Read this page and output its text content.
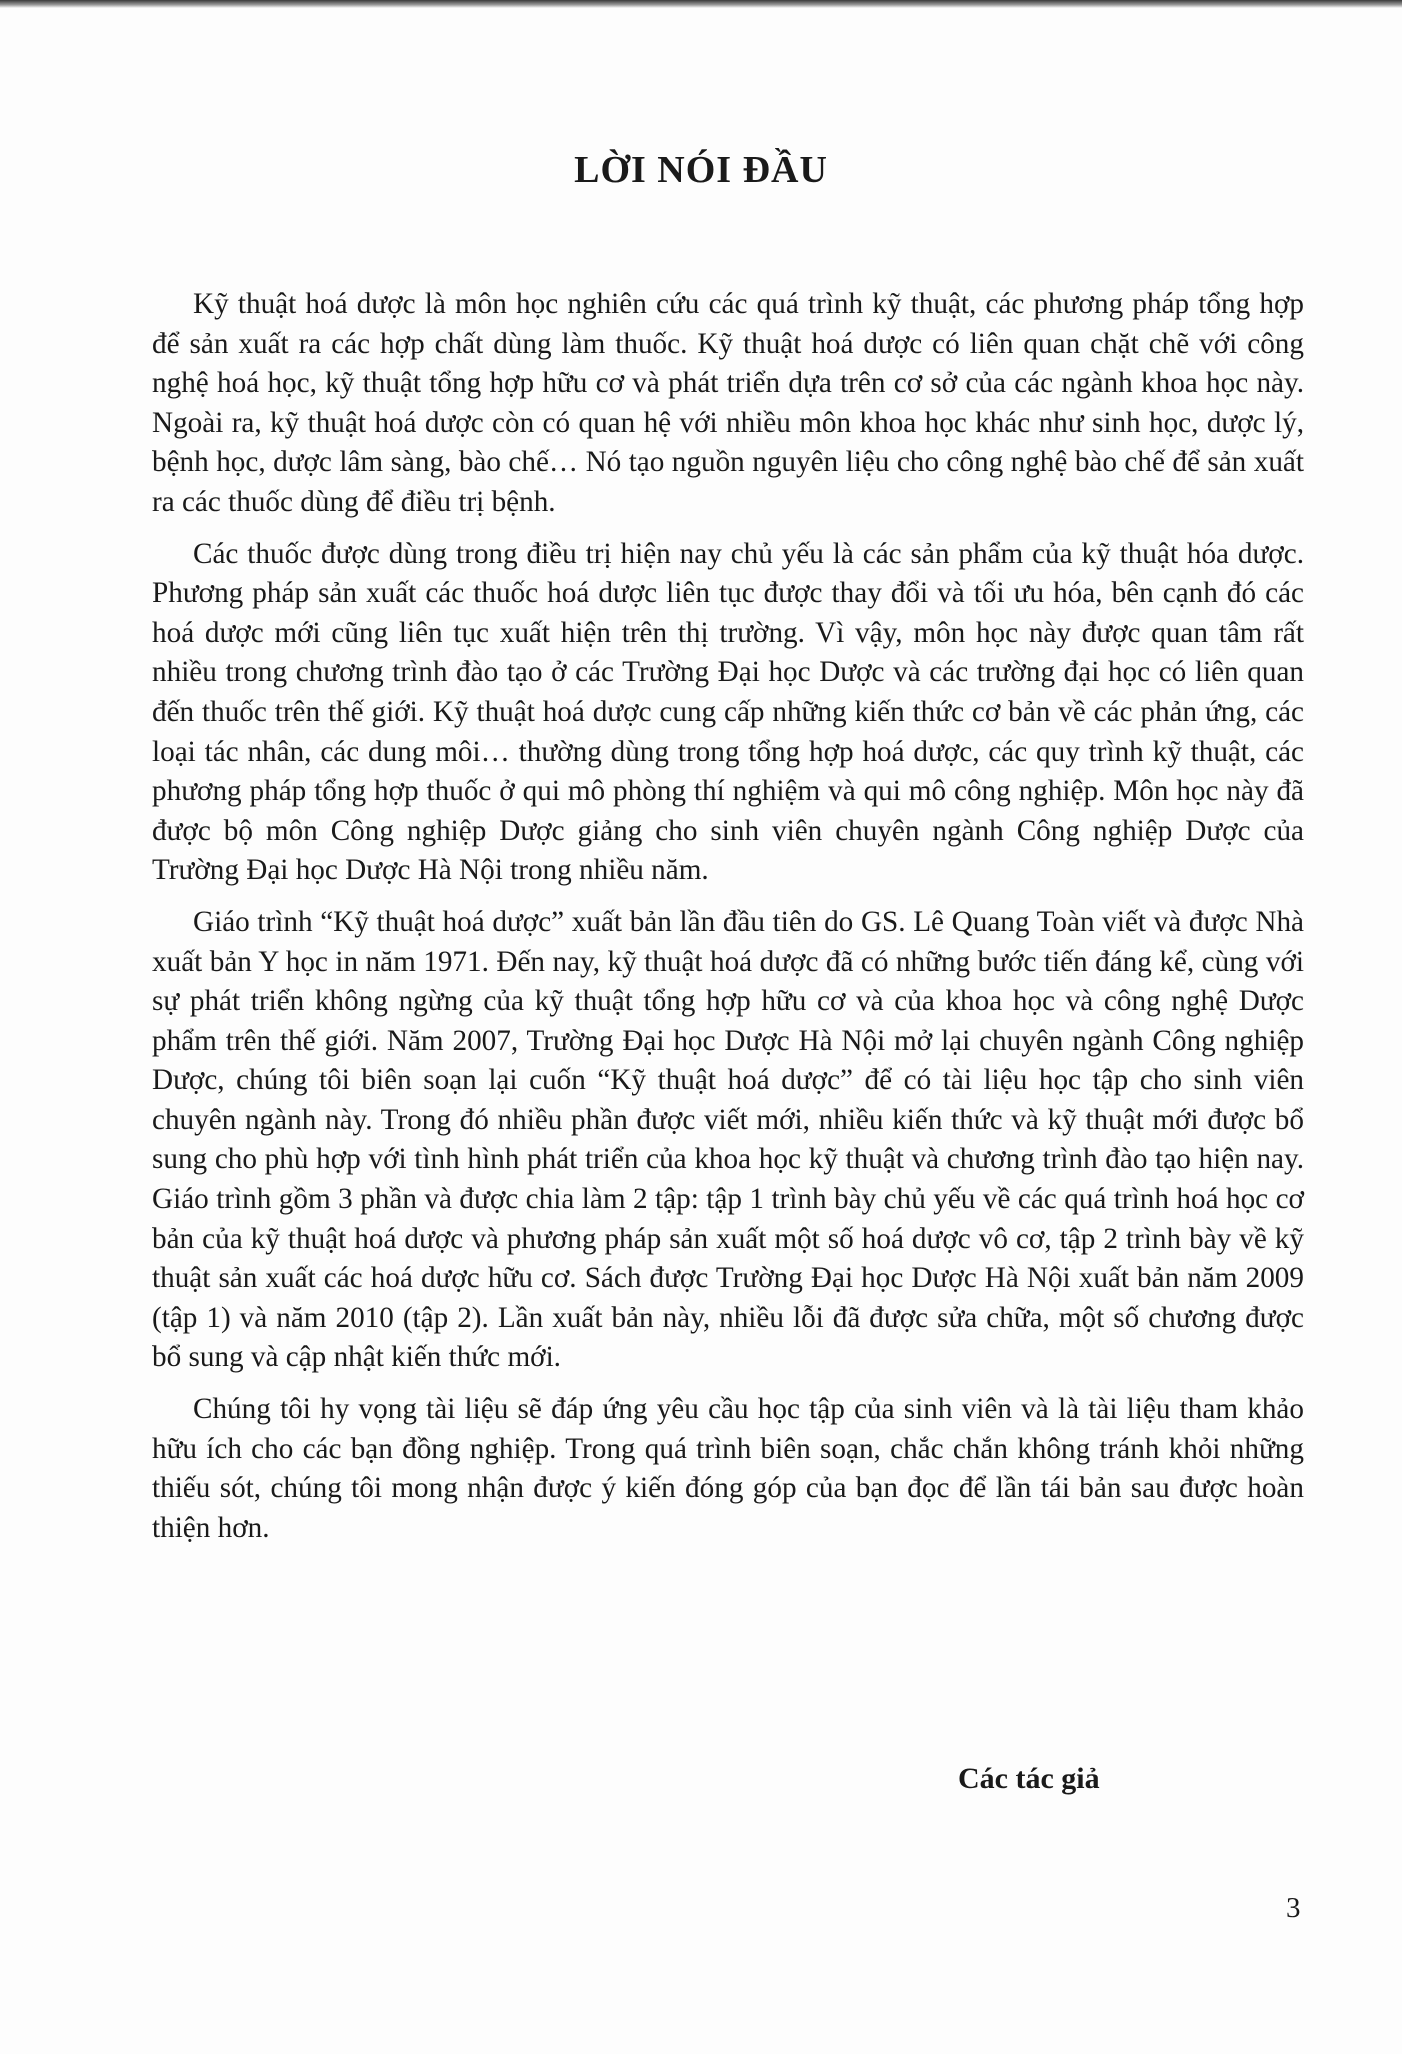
LỜI NÓI ĐẦU

Kỹ thuật hoá dược là môn học nghiên cứu các quá trình kỹ thuật, các phương pháp tổng hợp để sản xuất ra các hợp chất dùng làm thuốc. Kỹ thuật hoá dược có liên quan chặt chẽ với công nghệ hoá học, kỹ thuật tổng hợp hữu cơ và phát triển dựa trên cơ sở của các ngành khoa học này. Ngoài ra, kỹ thuật hoá dược còn có quan hệ với nhiều môn khoa học khác như sinh học, dược lý, bệnh học, dược lâm sàng, bào chế… Nó tạo nguồn nguyên liệu cho công nghệ bào chế để sản xuất ra các thuốc dùng để điều trị bệnh.

Các thuốc được dùng trong điều trị hiện nay chủ yếu là các sản phẩm của kỹ thuật hóa dược. Phương pháp sản xuất các thuốc hoá dược liên tục được thay đổi và tối ưu hóa, bên cạnh đó các hoá dược mới cũng liên tục xuất hiện trên thị trường. Vì vậy, môn học này được quan tâm rất nhiều trong chương trình đào tạo ở các Trường Đại học Dược và các trường đại học có liên quan đến thuốc trên thế giới. Kỹ thuật hoá dược cung cấp những kiến thức cơ bản về các phản ứng, các loại tác nhân, các dung môi… thường dùng trong tổng hợp hoá dược, các quy trình kỹ thuật, các phương pháp tổng hợp thuốc ở qui mô phòng thí nghiệm và qui mô công nghiệp. Môn học này đã được bộ môn Công nghiệp Dược giảng cho sinh viên chuyên ngành Công nghiệp Dược của Trường Đại học Dược Hà Nội trong nhiều năm.

Giáo trình “Kỹ thuật hoá dược” xuất bản lần đầu tiên do GS. Lê Quang Toàn viết và được Nhà xuất bản Y học in năm 1971. Đến nay, kỹ thuật hoá dược đã có những bước tiến đáng kể, cùng với sự phát triển không ngừng của kỹ thuật tổng hợp hữu cơ và của khoa học và công nghệ Dược phẩm trên thế giới. Năm 2007, Trường Đại học Dược Hà Nội mở lại chuyên ngành Công nghiệp Dược, chúng tôi biên soạn lại cuốn “Kỹ thuật hoá dược” để có tài liệu học tập cho sinh viên chuyên ngành này. Trong đó nhiều phần được viết mới, nhiều kiến thức và kỹ thuật mới được bổ sung cho phù hợp với tình hình phát triển của khoa học kỹ thuật và chương trình đào tạo hiện nay. Giáo trình gồm 3 phần và được chia làm 2 tập: tập 1 trình bày chủ yếu về các quá trình hoá học cơ bản của kỹ thuật hoá dược và phương pháp sản xuất một số hoá dược vô cơ, tập 2 trình bày về kỹ thuật sản xuất các hoá dược hữu cơ. Sách được Trường Đại học Dược Hà Nội xuất bản năm 2009 (tập 1) và năm 2010 (tập 2). Lần xuất bản này, nhiều lỗi đã được sửa chữa, một số chương được bổ sung và cập nhật kiến thức mới.

Chúng tôi hy vọng tài liệu sẽ đáp ứng yêu cầu học tập của sinh viên và là tài liệu tham khảo hữu ích cho các bạn đồng nghiệp. Trong quá trình biên soạn, chắc chắn không tránh khỏi những thiếu sót, chúng tôi mong nhận được ý kiến đóng góp của bạn đọc để lần tái bản sau được hoàn thiện hơn.

Các tác giả

3
